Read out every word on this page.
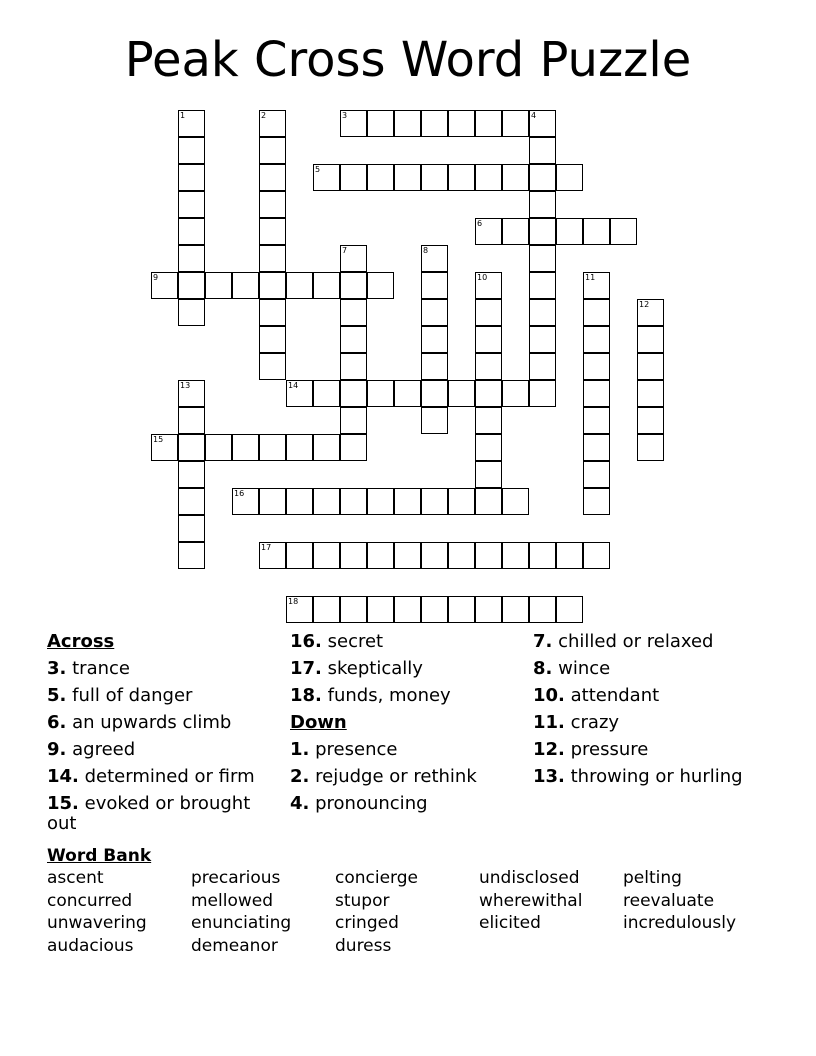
Peak Cross Word Puzzle
1	2	3	4
5
6
7	8
9	10	11
12
13	14
15
16
17
18
Across
3. trance
5. full of danger
6. an upwards climb
9. agreed
14. determined or firm
15. evoked or brought out
16. secret
17. skeptically
18. funds, money
Down
1. presence
2. rejudge or rethink
4. pronouncing
7. chilled or relaxed
8. wince
10. attendant
11. crazy
12. pressure
13. throwing or hurling
Word Bank
ascent
concurred
unwavering
audacious
precarious
mellowed
enunciating
demeanor
concierge
stupor
cringed
duress
undisclosed
wherewithal
elicited
pelting
reevaluate
incredulously
